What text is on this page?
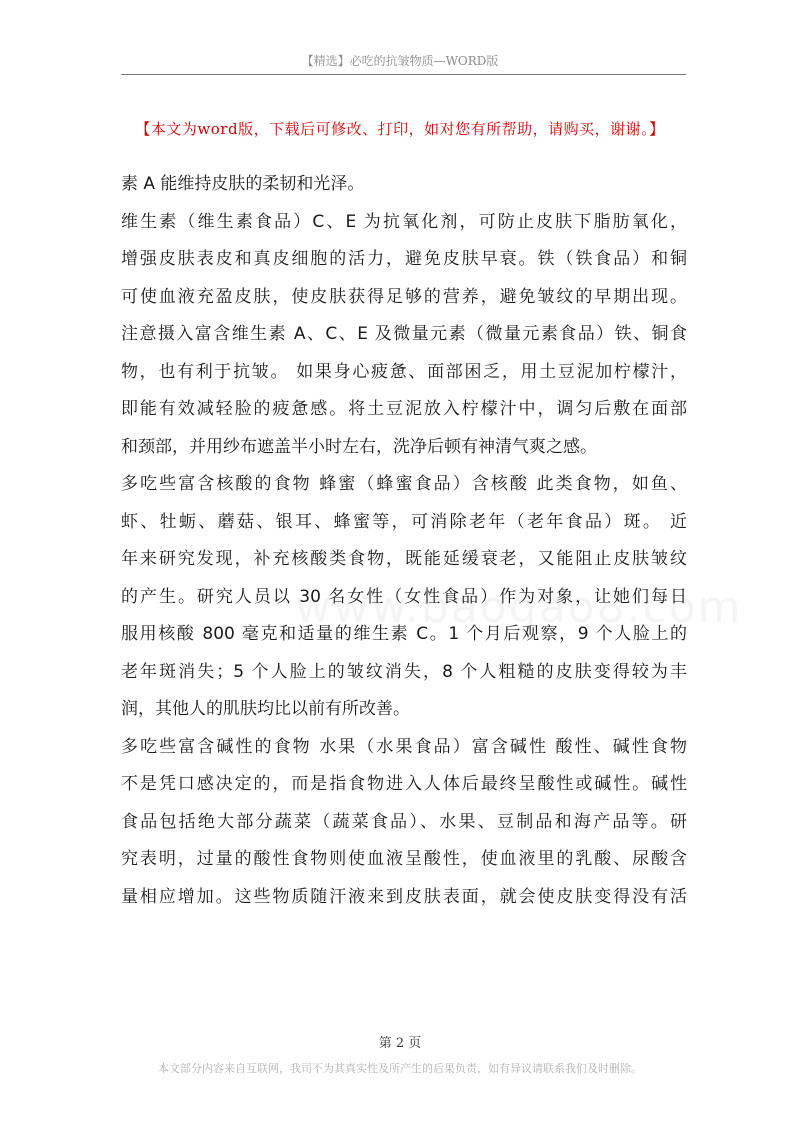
【精选】必吃的抗皱物质—WORD版
【本文为word版，下载后可修改、打印，如对您有所帮助，请购买，谢谢。】
素 A 能维持皮肤的柔韧和光泽。
维生素（维生素食品）C、E 为抗氧化剂，可防止皮肤下脂肪氧化，
增强皮肤表皮和真皮细胞的活力，避免皮肤早衰。铁（铁食品）和铜
可使血液充盈皮肤，使皮肤获得足够的营养，避免皱纹的早期出现。
注意摄入富含维生素 A、C、E 及微量元素（微量元素食品）铁、铜食
物，也有利于抗皱。 如果身心疲惫、面部困乏，用土豆泥加柠檬汁，
即能有效减轻脸的疲惫感。将土豆泥放入柠檬汁中，调匀后敷在面部
和颈部，并用纱布遮盖半小时左右，洗净后顿有神清气爽之感。
多吃些富含核酸的食物 蜂蜜（蜂蜜食品）含核酸 此类食物，如鱼、
虾、牡蛎、蘑菇、银耳、蜂蜜等，可消除老年（老年食品）斑。 近
年来研究发现，补充核酸类食物，既能延缓衰老，又能阻止皮肤皱纹
的产生。研究人员以 30 名女性（女性食品）作为对象，让她们每日
服用核酸 800 毫克和适量的维生素 C。1 个月后观察，9 个人脸上的
老年斑消失；5 个人脸上的皱纹消失，8 个人粗糙的皮肤变得较为丰
润，其他人的肌肤均比以前有所改善。
多吃些富含碱性的食物 水果（水果食品）富含碱性 酸性、碱性食物
不是凭口感决定的，而是指食物进入人体后最终呈酸性或碱性。碱性
食品包括绝大部分蔬菜（蔬菜食品）、水果、豆制品和海产品等。研
究表明，过量的酸性食物则使血液呈酸性，使血液里的乳酸、尿酸含
量相应增加。这些物质随汗液来到皮肤表面，就会使皮肤变得没有活
第 2 页
本文部分内容来自互联网，我司不为其真实性及所产生的后果负责，如有异议请联系我们及时删除。
